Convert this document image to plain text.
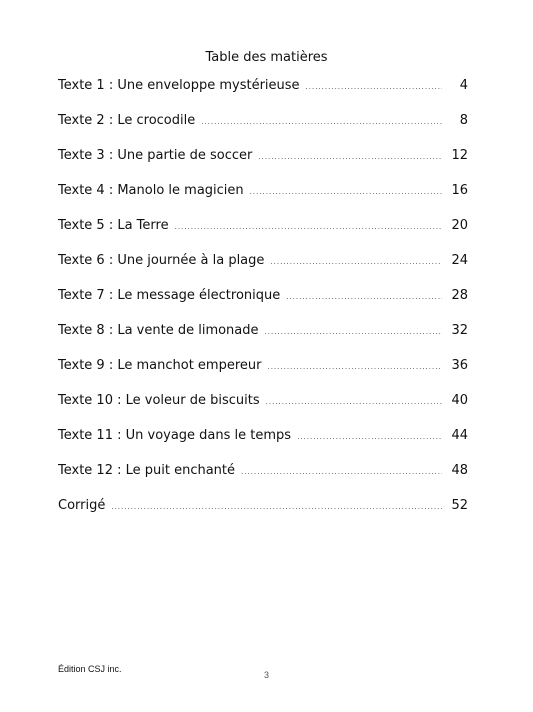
Table des matières
Texte 1 : Une enveloppe mystérieuse .....	4
Texte 2 : Le crocodile .....	8
Texte 3 : Une partie de soccer .....	12
Texte 4 : Manolo le magicien .....	16
Texte 5 : La Terre .....	20
Texte 6 : Une journée à la plage .....	24
Texte 7 : Le message électronique .....	28
Texte 8 : La vente de limonade .....	32
Texte 9 : Le manchot empereur .....	36
Texte 10 : Le voleur de biscuits .....	40
Texte 11 : Un voyage dans le temps .....	44
Texte 12 : Le puit enchanté .....	48
Corrigé .....	52
Édition CSJ inc.
3
